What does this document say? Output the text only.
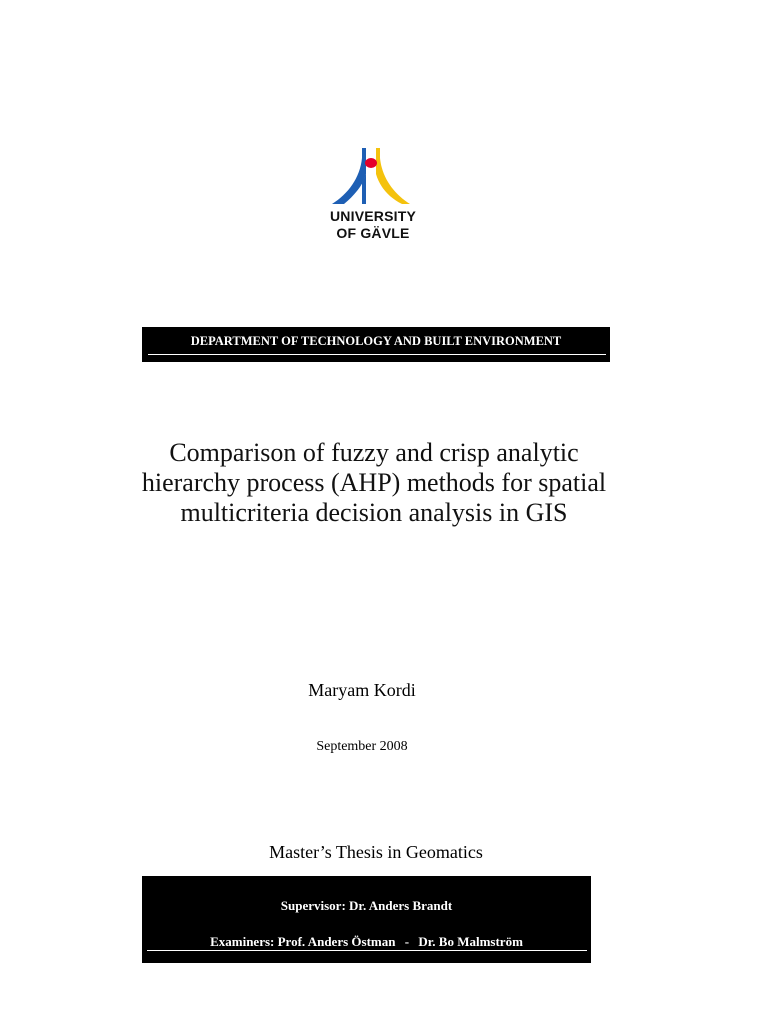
UNIVERSITY
OF GÄVLE
DEPARTMENT OF TECHNOLOGY AND BUILT ENVIRONMENT
Comparison of fuzzy and crisp analytic
hierarchy process (AHP) methods for spatial
multicriteria decision analysis in GIS
Maryam Kordi
September 2008
Master’s Thesis in Geomatics
Supervisor: Dr. Anders Brandt
Examiners: Prof. Anders Östman - Dr. Bo Malmström
